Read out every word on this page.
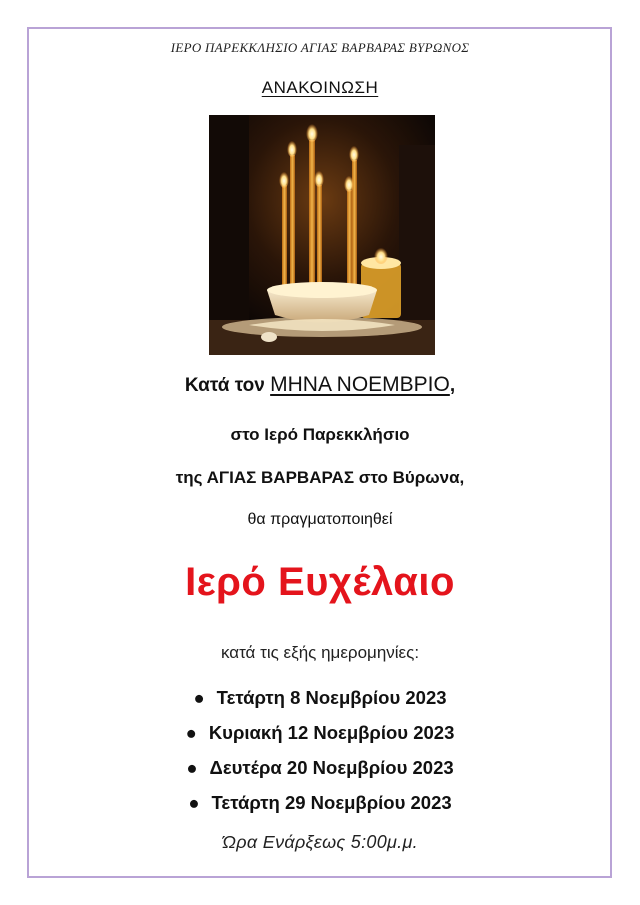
ΙΕΡΟ ΠΑΡΕΚΚΛΗΣΙΟ ΑΓΙΑΣ ΒΑΡΒΑΡΑΣ ΒΥΡΩΝΟΣ
ΑΝΑΚΟΙΝΩΣΗ
Κατά τον ΜΗΝΑ ΝΟΕΜΒΡΙΟ,
στο Ιερό Παρεκκλήσιο
της ΑΓΙΑΣ ΒΑΡΒΑΡΑΣ στο Βύρωνα,
θα πραγματοποιηθεί
Ιερό Ευχέλαιο
κατά τις εξής ημερομηνίες:
● Τετάρτη 8 Νοεμβρίου 2023
● Κυριακή 12 Νοεμβρίου 2023
● Δευτέρα 20 Νοεμβρίου 2023
● Τετάρτη 29 Νοεμβρίου 2023
Ώρα Ενάρξεως 5:00μ.μ.
